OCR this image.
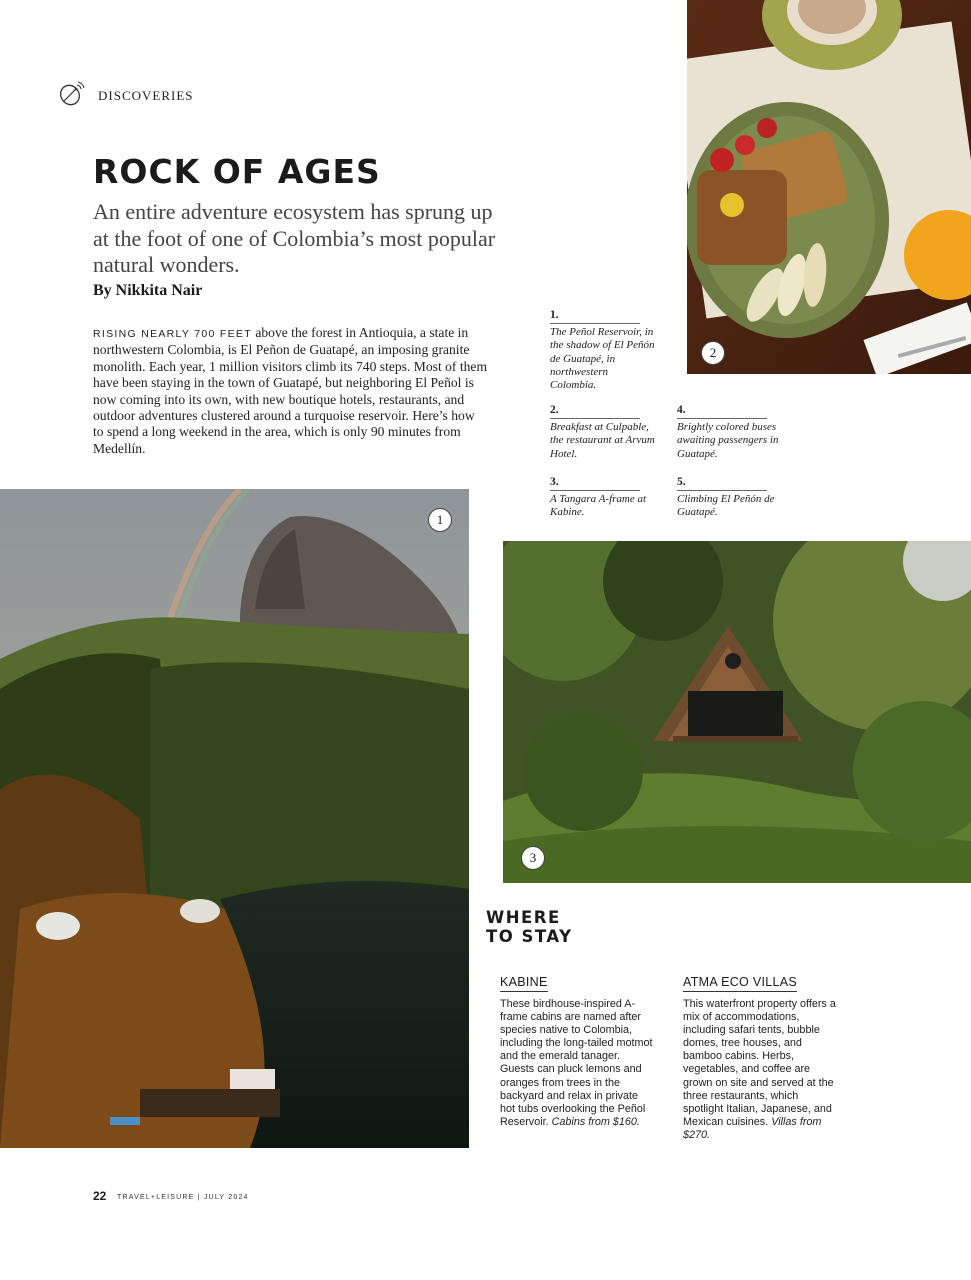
DISCOVERIES
ROCK OF AGES
An entire adventure ecosystem has sprung up at the foot of one of Colombia’s most popular natural wonders.
By Nikkita Nair
RISING NEARLY 700 FEET above the forest in Antioquia, a state in northwestern Colombia, is El Peñon de Guatapé, an imposing granite monolith. Each year, 1 million visitors climb its 740 steps. Most of them have been staying in the town of Guatapé, but neighboring El Peñol is now coming into its own, with new boutique hotels, restaurants, and outdoor adventures clustered around a turquoise reservoir. Here’s how to spend a long weekend in the area, which is only 90 minutes from Medellín.
2
1.
The Peñol Reservoir, in the shadow of El Peñón de Guatapé, in northwestern Colombia.
2.
Breakfast at Culpable, the restaurant at Arvum Hotel.
4.
Brightly colored buses awaiting passengers in Guatapé.
3.
A Tangara A-frame at Kabine.
5.
Climbing El Peñón de Guatapé.
1
3
WHERE
TO STAY
KABINE
These birdhouse-inspired A-frame cabins are named after species native to Colombia, including the long-tailed motmot and the emerald tanager. Guests can pluck lemons and oranges from trees in the backyard and relax in private hot tubs overlooking the Peñol Reservoir. Cabins from $160.
ATMA ECO VILLAS
This waterfront property offers a mix of accommodations, including safari tents, bubble domes, tree houses, and bamboo cabins. Herbs, vegetables, and coffee are grown on site and served at the three restaurants, which spotlight Italian, Japanese, and Mexican cuisines. Villas from $270.
22 TRAVEL+LEISURE | JULY 2024
